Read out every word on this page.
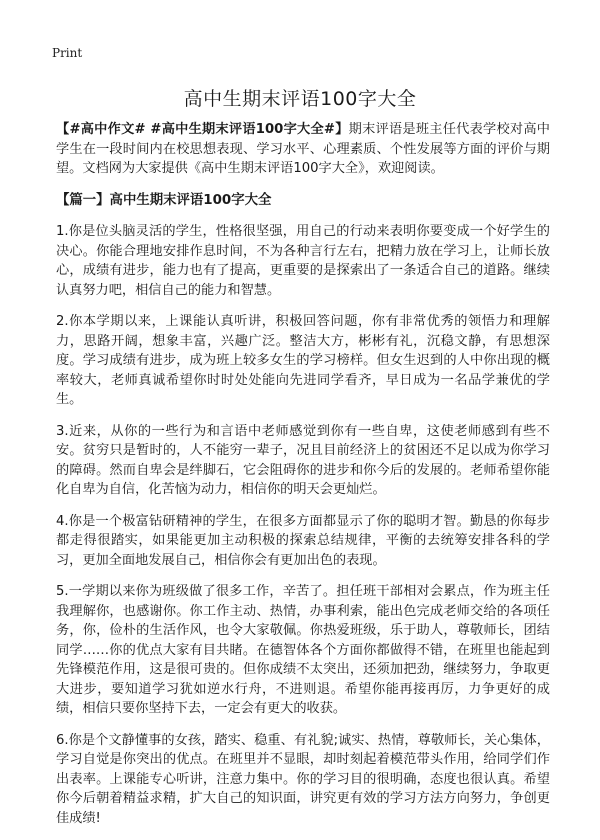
Print
高中生期末评语100字大全

【#高中作文# #高中生期末评语100字大全#】期末评语是班主任代表学校对高中学生在一段时间内在校思想表现、学习水平、心理素质、个性发展等方面的评价与期望。文档网为大家提供《高中生期末评语100字大全》，欢迎阅读。

【篇一】高中生期末评语100字大全

1.你是位头脑灵活的学生，性格很坚强，用自己的行动来表明你要变成一个好学生的决心。你能合理地安排作息时间，不为各种言行左右，把精力放在学习上，让师长放心，成绩有进步，能力也有了提高，更重要的是探索出了一条适合自己的道路。继续认真努力吧，相信自己的能力和智慧。

2.你本学期以来，上课能认真听讲，积极回答问题，你有非常优秀的领悟力和理解力，思路开阔，想象丰富，兴趣广泛。整洁大方，彬彬有礼，沉稳文静，有思想深度。学习成绩有进步，成为班上较多女生的学习榜样。但女生迟到的人中你出现的概率较大，老师真诚希望你时时处处能向先进同学看齐，早日成为一名品学兼优的学生。

3.近来，从你的一些行为和言语中老师感觉到你有一些自卑，这使老师感到有些不安。贫穷只是暂时的，人不能穷一辈子，况且目前经济上的贫困还不足以成为你学习的障碍。然而自卑会是绊脚石，它会阻碍你的进步和你今后的发展的。老师希望你能化自卑为自信，化苦恼为动力，相信你的明天会更灿烂。

4.你是一个极富钻研精神的学生，在很多方面都显示了你的聪明才智。勤恳的你每步都走得很踏实，如果能更加主动积极的探索总结规律，平衡的去统筹安排各科的学习，更加全面地发展自己，相信你会有更加出色的表现。

5.一学期以来你为班级做了很多工作，辛苦了。担任班干部相对会累点，作为班主任我理解你，也感谢你。你工作主动、热情，办事利索，能出色完成老师交给的各项任务，你，俭朴的生活作风，也令大家敬佩。你热爱班级，乐于助人，尊敬师长，团结同学……你的优点大家有目共睹。在德智体各个方面你都做得不错，在班里也能起到先锋模范作用，这是很可贵的。但你成绩不太突出，还须加把劲，继续努力，争取更大进步，要知道学习犹如逆水行舟，不进则退。希望你能再接再厉，力争更好的成绩，相信只要你坚持下去，一定会有更大的收获。

6.你是个文静懂事的女孩，踏实、稳重、有礼貌;诚实、热情，尊敬师长，关心集体，学习自觉是你突出的优点。在班里并不显眼，却时刻起着模范带头作用，给同学们作出表率。上课能专心听讲，注意力集中。你的学习目的很明确，态度也很认真。希望你今后朝着精益求精，扩大自己的知识面，讲究更有效的学习方法方向努力，争创更佳成绩!
